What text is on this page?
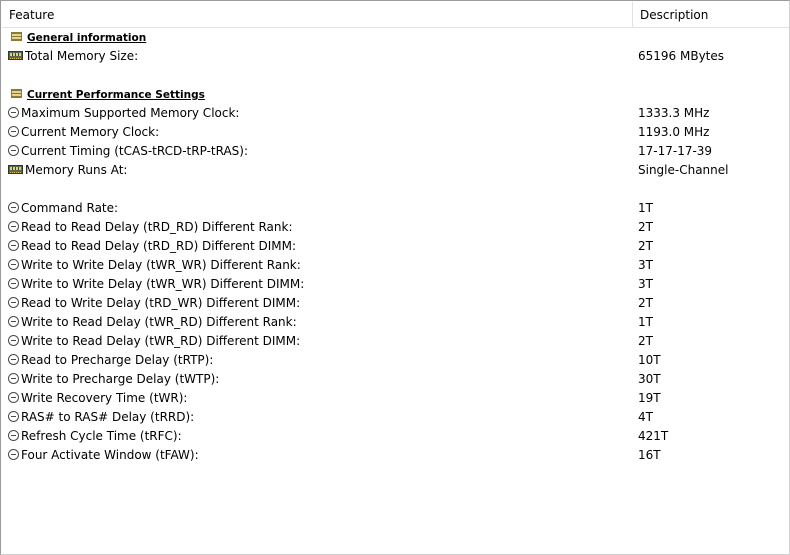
Feature	Description
General information
Total Memory Size:	65196 MBytes
Current Performance Settings
Maximum Supported Memory Clock:	1333.3 MHz
Current Memory Clock:	1193.0 MHz
Current Timing (tCAS-tRCD-tRP-tRAS):	17-17-17-39
Memory Runs At:	Single-Channel
Command Rate:	1T
Read to Read Delay (tRD_RD) Different Rank:	2T
Read to Read Delay (tRD_RD) Different DIMM:	2T
Write to Write Delay (tWR_WR) Different Rank:	3T
Write to Write Delay (tWR_WR) Different DIMM:	3T
Read to Write Delay (tRD_WR) Different DIMM:	2T
Write to Read Delay (tWR_RD) Different Rank:	1T
Write to Read Delay (tWR_RD) Different DIMM:	2T
Read to Precharge Delay (tRTP):	10T
Write to Precharge Delay (tWTP):	30T
Write Recovery Time (tWR):	19T
RAS# to RAS# Delay (tRRD):	4T
Refresh Cycle Time (tRFC):	421T
Four Activate Window (tFAW):	16T
